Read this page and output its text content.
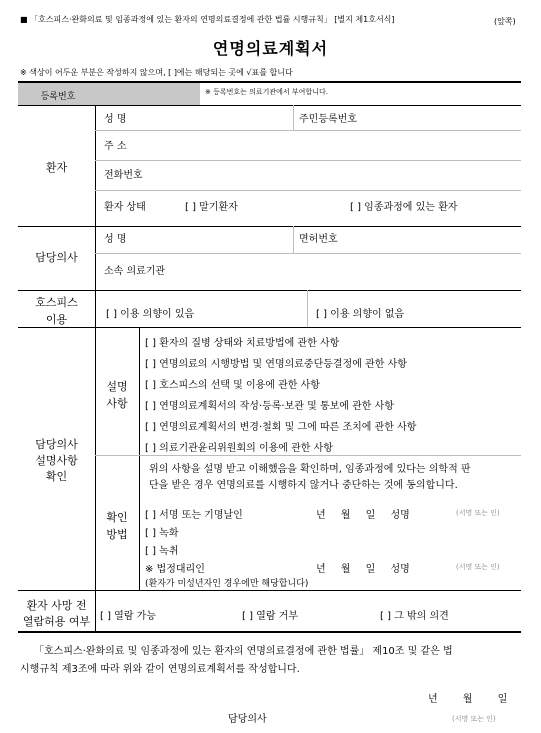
■ 「호스피스·완화의료 및 임종과정에 있는 환자의 연명의료결정에 관한 법률 시행규칙」 [별지 제1호서식]	(앞쪽)
연명의료계획서
※ 색상이 어두운 부분은 작성하지 않으며, [ ]에는 해당되는 곳에 √표를 합니다
등록번호	※ 등록번호는 의료기관에서 부여합니다.
환자
성 명	주민등록번호
주 소
전화번호
환자 상태	[ ] 말기환자	[ ] 임종과정에 있는 환자
담당의사
성 명	면허번호
소속 의료기관
호스피스
이용	[ ] 이용 의향이 있음	[ ] 이용 의향이 없음
담당의사
설명사항
확인
설명
사항
[ ] 환자의 질병 상태와 치료방법에 관한 사항
[ ] 연명의료의 시행방법 및 연명의료중단등결정에 관한 사항
[ ] 호스피스의 선택 및 이용에 관한 사항
[ ] 연명의료계획서의 작성·등록·보관 및 통보에 관한 사항
[ ] 연명의료계획서의 변경·철회 및 그에 따른 조치에 관한 사항
[ ] 의료기관윤리위원회의 이용에 관한 사항
확인
방법
위의 사항을 설명 받고 이해했음을 확인하며, 임종과정에 있다는 의학적 판
단을 받은 경우 연명의료를 시행하지 않거나 중단하는 것에 동의합니다.
[ ] 서명 또는 기명날인	년 월 일 성명	(서명 또는 인)
[ ] 녹화
[ ] 녹취
※ 법정대리인	년 월 일 성명	(서명 또는 인)
(환자가 미성년자인 경우에만 해당합니다)
환자 사망 전
열람허용 여부 [ ] 열람 가능	[ ] 열람 거부	[ ] 그 밖의 의견
「호스피스·완화의료 및 임종과정에 있는 환자의 연명의료결정에 관한 법률」 제10조 및 같은 법
시행규칙 제3조에 따라 위와 같이 연명의료계획서를 작성합니다.
년 월 일
담당의사	(서명 또는 인)
